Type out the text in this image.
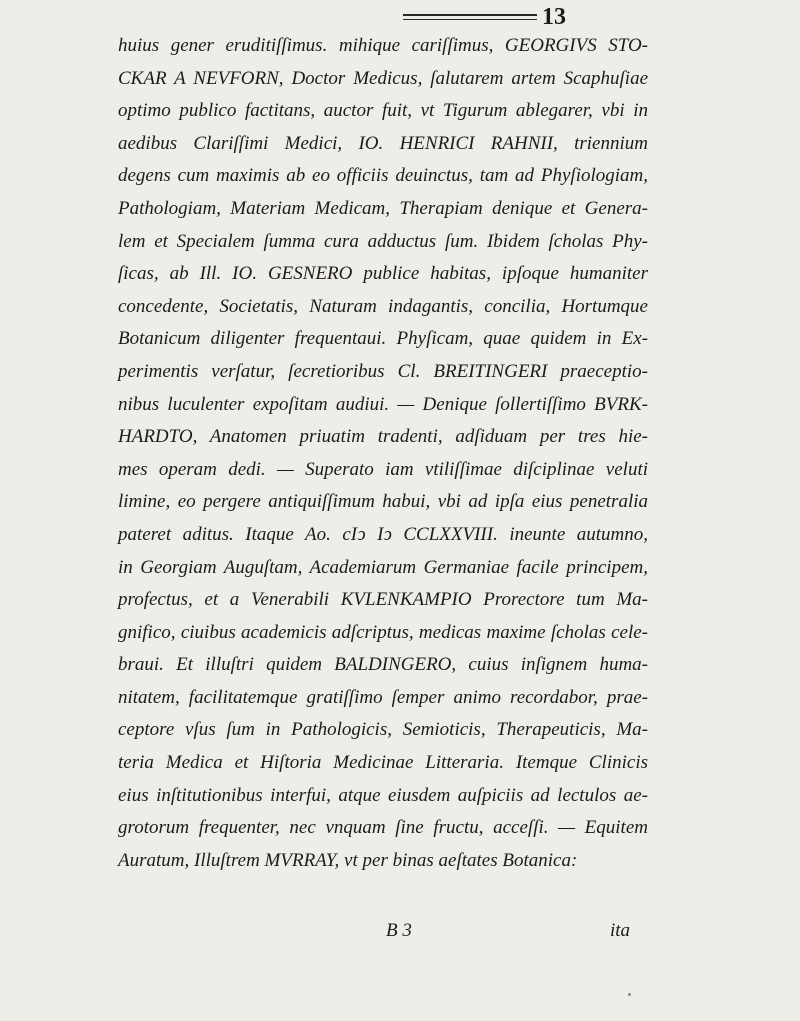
13
huius gener eruditiſſimus. mihique cariſſimus, GEORGIVS STO-
CKAR A NEVFORN, Doctor Medicus, ſalutarem artem Scaphuſiae
optimo publico factitans, auctor fuit, vt Tigurum ablegarer, vbi in
aedibus Clariſſimi Medici, IO. HENRICI RAHNII, triennium
degens cum maximis ab eo officiis deuinctus, tam ad Phyſiologiam,
Pathologiam, Materiam Medicam, Therapiam denique et Genera-
lem et Specialem ſumma cura adductus ſum. Ibidem ſcholas Phy-
ſicas, ab Ill. IO. GESNERO publice habitas, ipſoque humaniter
concedente, Societatis, Naturam indagantis, concilia, Hortumque
Botanicum diligenter frequentaui. Phyſicam, quae quidem in Ex-
perimentis verſatur, ſecretioribus Cl. BREITINGERI praeceptio-
nibus luculenter expoſitam audiui. — Denique ſollertiſſimo BVRK-
HARDTO, Anatomen priuatim tradenti, adſiduam per tres hie-
mes operam dedi. — Superato iam vtiliſſimae diſciplinae veluti
limine, eo pergere antiquiſſimum habui, vbi ad ipſa eius penetralia
pateret aditus. Itaque Ao. cIↄ Iↄ CCLXXVIII. ineunte autumno,
in Georgiam Auguſtam, Academiarum Germaniae facile principem,
profectus, et a Venerabili KVLENKAMPIO Prorectore tum Ma-
gnifico, ciuibus academicis adſcriptus, medicas maxime ſcholas cele-
braui. Et illuſtri quidem BALDINGERO, cuius inſignem huma-
nitatem, facilitatemque gratiſſimo ſemper animo recordabor, prae-
ceptore vſus ſum in Pathologicis, Semioticis, Therapeuticis, Ma-
teria Medica et Hiſtoria Medicinae Litteraria. Itemque Clinicis
eius inſtitutionibus interfui, atque eiusdem auſpiciis ad lectulos ae-
grotorum frequenter, nec vnquam ſine fructu, acceſſi. — Equitem
Auratum, Illuſtrem MVRRAY, vt per binas aeſtates Botanica:
B 3	ita
